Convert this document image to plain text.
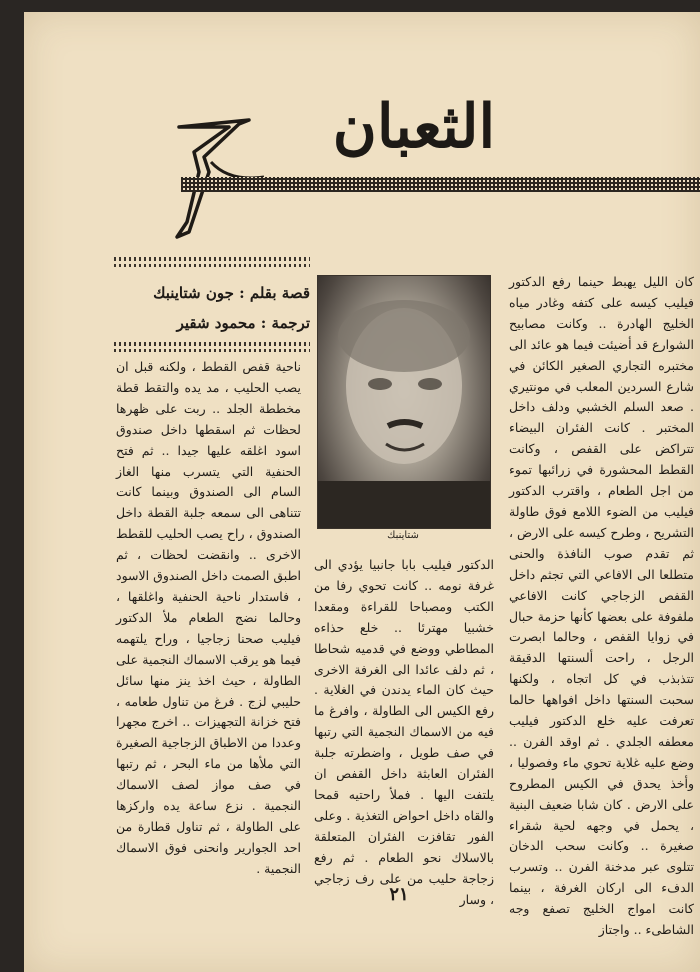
الثعبان
قصة بقلم : جون شتاينبك
ترجمة : محمود شقير
شتاينبك

كان الليل يهبط حينما رفع الدكتور فيليب كيسه على كتفه وغادر مياه الخليج الهادرة .. وكانت مصابيح الشوارع قد أضيئت فيما هو عائد الى مختبره التجاري الصغير الكائن في شارع السردين المعلب في مونتيري . صعد السلم الخشبي ودلف داخل المختبر . كانت الفئران البيضاء تتراكض على القفص ، وكانت القطط المحشورة في زرائبها تموء من اجل الطعام ، واقترب الدكتور فيليب من الضوء اللامع فوق طاولة التشريح ، وطرح كيسه على الارض ، ثم تقدم صوب النافذة والحنى متطلعا الى الافاعي التي تجثم داخل القفص الزجاجي كانت الافاعي ملفوفة على بعضها كأنها حزمة حبال في زوايا القفص ، وحالما ابصرت الرجل ، راحت ألسنتها الدقيقة تتذبذب في كل اتجاه ، ولكنها سحبت السنتها داخل افواهها حالما تعرفت عليه خلع الدكتور فيليب معطفه الجلدي . ثم اوقد الفرن .. وضع عليه غلاية تحوي ماء وفصوليا ، وأخذ يحدق في الكيس المطروح على الارض . كان شابا ضعيف البنية ، يحمل في وجهه لحية شقراء صغيرة .. وكانت سحب الدخان تتلوى عبر مدخنة الفرن .. وتسرب الدفء الى اركان الغرفة ، بينما كانت امواج الخليج تصفع وجه الشاطىء .. واجتاز

الدكتور فيليب بابا جانبيا يؤدي الى غرفة نومه .. كانت تحوي رفا من الكتب ومصباحا للقراءة ومقعدا خشبيا مهترئا .. خلع حذاءه المطاطي ووضع في قدميه شحاطا ، ثم دلف عائدا الى الغرفة الاخرى حيث كان الماء يدندن في الغلاية . رفع الكيس الى الطاولة ، وافرغ ما فيه من الاسماك النجمية التي رتبها في صف طويل ، واضطرته جلبة الفئران العابثة داخل القفص ان يلتفت اليها . فملأ راحتيه قمحا والقاه داخل احواض التغذية . وعلى الفور تقافزت الفئران المتعلقة بالاسلاك نحو الطعام . ثم رفع زجاجة حليب من على رف زجاجي ، وسار

ناحية قفص القطط ، ولكنه قبل ان يصب الحليب ، مد يده والتقط قطة مخططة الجلد .. ربت على ظهرها لحظات ثم اسقطها داخل صندوق اسود اغلقه عليها جيدا .. ثم فتح الحنفية التي يتسرب منها الغاز السام الى الصندوق وبينما كانت تتناهى الى سمعه جلبة القطة داخل الصندوق ، راح يصب الحليب للقطط الاخرى .. وانقضت لحظات ، ثم اطبق الصمت داخل الصندوق الاسود ، فاستدار ناحية الحنفية واغلقها ، وحالما نضج الطعام ملأ الدكتور فيليب صحنا زجاجيا ، وراح يلتهمه فيما هو يرقب الاسماك النجمية على الطاولة ، حيث اخذ ينز منها سائل حليبي لزج . فرغ من تناول طعامه ، فتح خزانة التجهيزات .. اخرج مجهرا وعددا من الاطباق الزجاجية الصغيرة التي ملأها من ماء البحر ، ثم رتبها في صف مواز لصف الاسماك النجمية . نزع ساعة يده واركزها على الطاولة ، ثم تناول قطارة من احد الجوارير وانحنى فوق الاسماك النجمية .

٢١
